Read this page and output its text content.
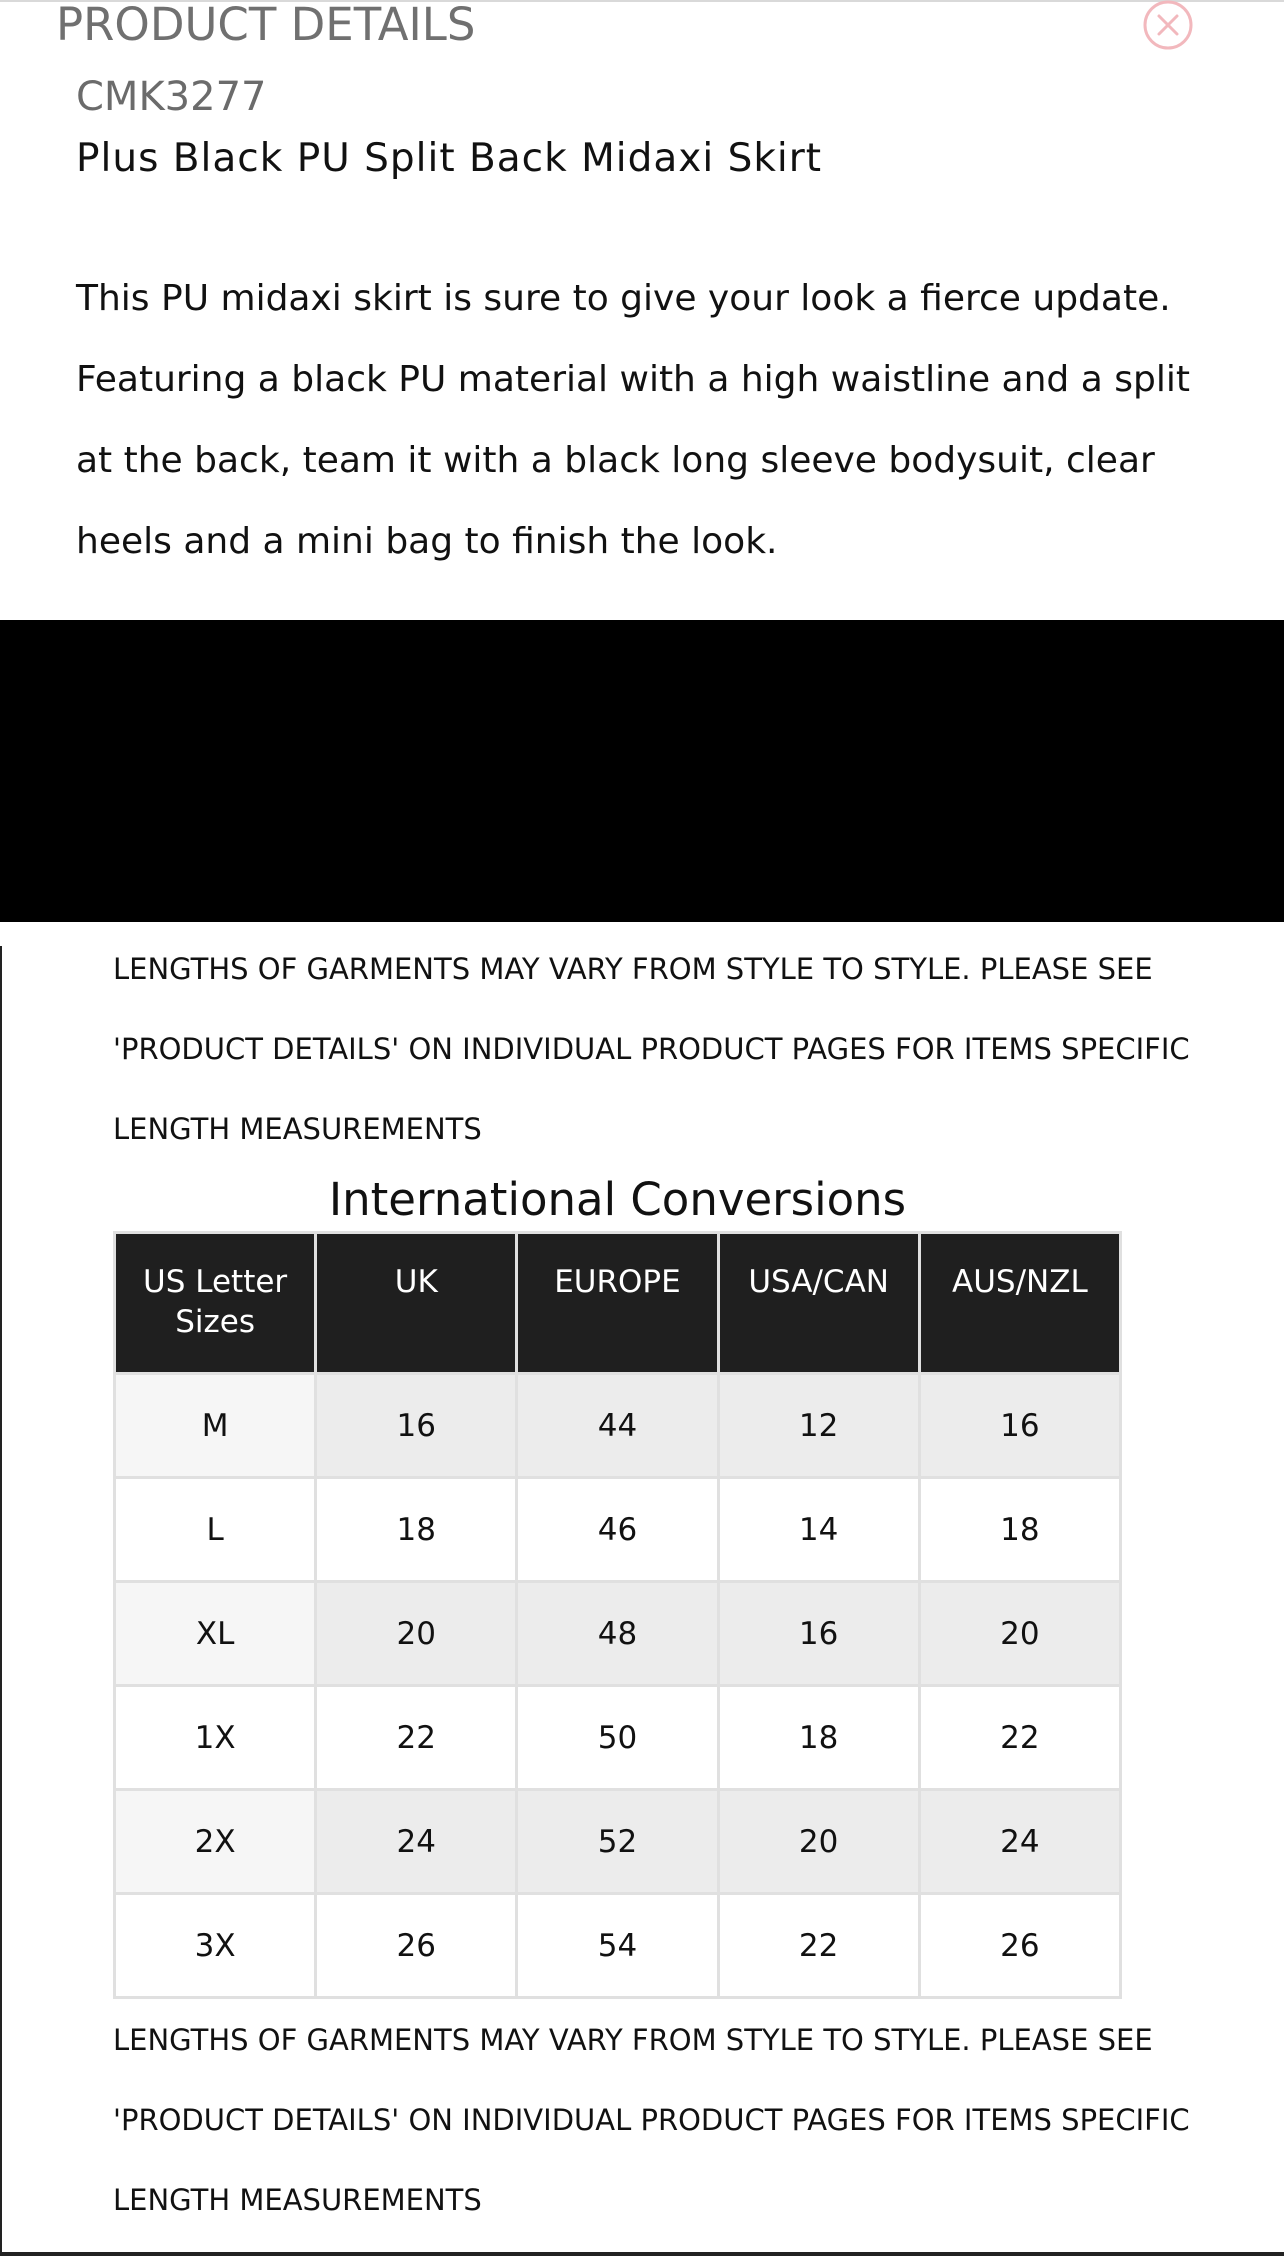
PRODUCT DETAILS
CMK3277
Plus Black PU Split Back Midaxi Skirt
This PU midaxi skirt is sure to give your look a fierce update.
Featuring a black PU material with a high waistline and a split
at the back, team it with a black long sleeve bodysuit, clear
heels and a mini bag to finish the look.
LENGTHS OF GARMENTS MAY VARY FROM STYLE TO STYLE. PLEASE SEE
'PRODUCT DETAILS' ON INDIVIDUAL PRODUCT PAGES FOR ITEMS SPECIFIC
LENGTH MEASUREMENTS
International Conversions
US Letter Sizes	UK	EUROPE	USA/CAN	AUS/NZL
M	16	44	12	16
L	18	46	14	18
XL	20	48	16	20
1X	22	50	18	22
2X	24	52	20	24
3X	26	54	22	26
LENGTHS OF GARMENTS MAY VARY FROM STYLE TO STYLE. PLEASE SEE
'PRODUCT DETAILS' ON INDIVIDUAL PRODUCT PAGES FOR ITEMS SPECIFIC
LENGTH MEASUREMENTS
